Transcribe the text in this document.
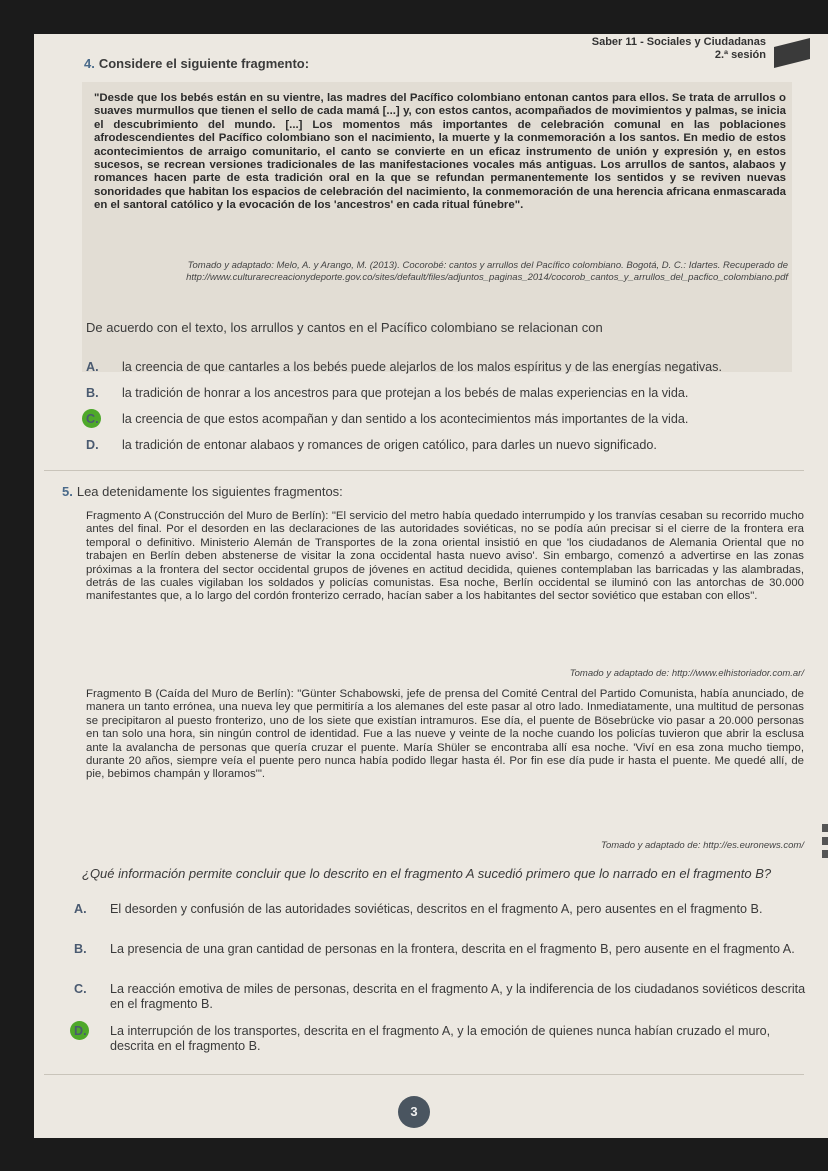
Saber 11 - Sociales y Ciudadanas
2.ª sesión
4. Considere el siguiente fragmento:
"Desde que los bebés están en su vientre, las madres del Pacífico colombiano entonan cantos para ellos. Se trata de arrullos o suaves murmullos que tienen el sello de cada mamá [...] y, con estos cantos, acompañados de movimientos y palmas, se inicia el descubrimiento del mundo. [...] Los momentos más importantes de celebración comunal en las poblaciones afrodescendientes del Pacífico colombiano son el nacimiento, la muerte y la conmemoración a los santos. En medio de estos acontecimientos de arraigo comunitario, el canto se convierte en un eficaz instrumento de unión y expresión y, en estos sucesos, se recrean versiones tradicionales de las manifestaciones vocales más antiguas. Los arrullos de santos, alabaos y romances hacen parte de esta tradición oral en la que se refundan permanentemente los sentidos y se reviven nuevas sonoridades que habitan los espacios de celebración del nacimiento, la conmemoración de una herencia africana enmascarada en el santoral católico y la evocación de los 'ancestros' en cada ritual fúnebre".
Tomado y adaptado: Melo, A. y Arango, M. (2013). Cocorobé: cantos y arrullos del Pacífico colombiano. Bogotá, D. C.: Idartes. Recuperado de http://www.culturarecreacionydeporte.gov.co/sites/default/files/adjuntos_paginas_2014/cocorob_cantos_y_arrullos_del_pacfico_colombiano.pdf
De acuerdo con el texto, los arrullos y cantos en el Pacífico colombiano se relacionan con
A.	la creencia de que cantarles a los bebés puede alejarlos de los malos espíritus y de las energías negativas.
B.	la tradición de honrar a los ancestros para que protejan a los bebés de malas experiencias en la vida.
C.	la creencia de que estos acompañan y dan sentido a los acontecimientos más importantes de la vida.
D.	la tradición de entonar alabaos y romances de origen católico, para darles un nuevo significado.
5. Lea detenidamente los siguientes fragmentos:
Fragmento A (Construcción del Muro de Berlín): "El servicio del metro había quedado interrumpido y los tranvías cesaban su recorrido mucho antes del final. Por el desorden en las declaraciones de las autoridades soviéticas, no se podía aún precisar si el cierre de la frontera era temporal o definitivo. Ministerio Alemán de Transportes de la zona oriental insistió en que 'los ciudadanos de Alemania Oriental que no trabajen en Berlín deben abstenerse de visitar la zona occidental hasta nuevo aviso'. Sin embargo, comenzó a advertirse en las zonas próximas a la frontera del sector occidental grupos de jóvenes en actitud decidida, quienes contemplaban las barricadas y las alambradas, detrás de las cuales vigilaban los soldados y policías comunistas. Esa noche, Berlín occidental se iluminó con las antorchas de 30.000 manifestantes que, a lo largo del cordón fronterizo cerrado, hacían saber a los habitantes del sector soviético que estaban con ellos".
Tomado y adaptado de: http://www.elhistoriador.com.ar/
Fragmento B (Caída del Muro de Berlín): "Günter Schabowski, jefe de prensa del Comité Central del Partido Comunista, había anunciado, de manera un tanto errónea, una nueva ley que permitiría a los alemanes del este pasar al otro lado. Inmediatamente, una multitud de personas se precipitaron al puesto fronterizo, uno de los siete que existían intramuros. Ese día, el puente de Bösebrücke vio pasar a 20.000 personas en tan solo una hora, sin ningún control de identidad. Fue a las nueve y veinte de la noche cuando los policías tuvieron que abrir la esclusa ante la avalancha de personas que quería cruzar el puente. María Shüler se encontraba allí esa noche. 'Viví en esa zona mucho tiempo, durante 20 años, siempre veía el puente pero nunca había podido llegar hasta él. Por fin ese día pude ir hasta el puente. Me quedé allí, de pie, bebimos champán y lloramos'".
Tomado y adaptado de: http://es.euronews.com/
¿Qué información permite concluir que lo descrito en el fragmento A sucedió primero que lo narrado en el fragmento B?
A.	El desorden y confusión de las autoridades soviéticas, descritos en el fragmento A, pero ausentes en el fragmento B.
B.	La presencia de una gran cantidad de personas en la frontera, descrita en el fragmento B, pero ausente en el fragmento A.
C.	La reacción emotiva de miles de personas, descrita en el fragmento A, y la indiferencia de los ciudadanos soviéticos descrita en el fragmento B.
D.	La interrupción de los transportes, descrita en el fragmento A, y la emoción de quienes nunca habían cruzado el muro, descrita en el fragmento B.
3
